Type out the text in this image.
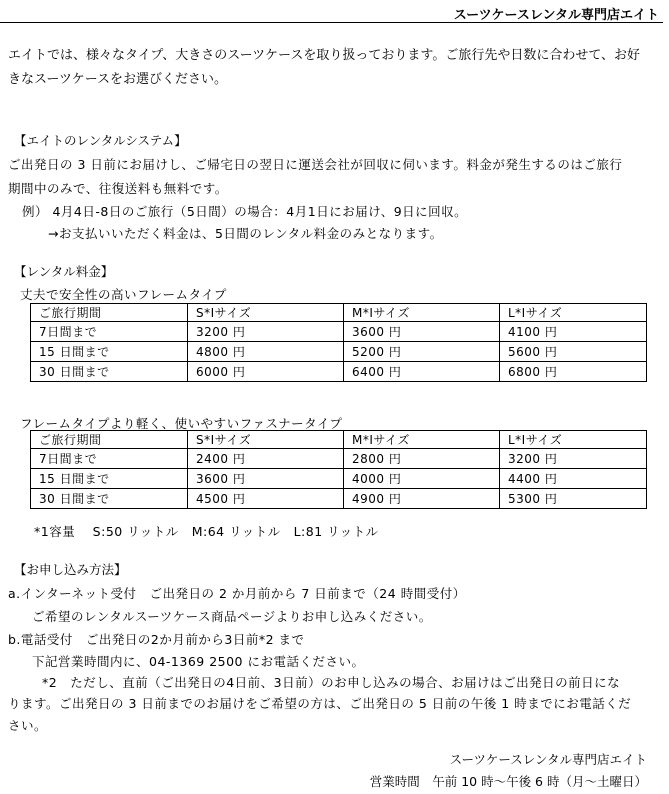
スーツケースレンタル専門店エイト
エイトでは、様々なタイプ、大きさのスーツケースを取り扱っております。ご旅行先や日数に合わせて、お好きなスーツケースをお選びください。
【エイトのレンタルシステム】
ご出発日の 3 日前にお届けし、ご帰宅日の翌日に運送会社が回収に伺います。料金が発生するのはご旅行
期間中のみで、往復送料も無料です。
例） 4月4日-8日のご旅行（5日間）の場合：4月1日にお届け、9日に回収。
→お支払いいただく料金は、5日間のレンタル料金のみとなります。
【レンタル料金】
丈夫で安全性の高いフレームタイプ
ご旅行期間	S*Iサイズ	M*Iサイズ	L*Iサイズ
7日間まで	3200 円	3600 円	4100 円
15 日間まで	4800 円	5200 円	5600 円
30 日間まで	6000 円	6400 円	6800 円
フレームタイプより軽く、使いやすいファスナータイプ
ご旅行期間	S*Iサイズ	M*Iサイズ	L*Iサイズ
7日間まで	2400 円	2800 円	3200 円
15 日間まで	3600 円	4000 円	4400 円
30 日間まで	4500 円	4900 円	5300 円
*1容量　 S:50 リットル　M:64 リットル　L:81 リットル
【お申し込み方法】
a.インターネット受付　ご出発日の 2 か月前から 7 日前まで（24 時間受付）
ご希望のレンタルスーツケース商品ページよりお申し込みください。
b.電話受付　ご出発日の2か月前から3日前*2 まで
下記営業時間内に、04-1369 2500 にお電話ください。
*2　ただし、直前（ご出発日の4日前、3日前）のお申し込みの場合、お届けはご出発日の前日にな
ります。ご出発日の 3 日前までのお届けをご希望の方は、ご出発日の 5 日前の午後 1 時までにお電話くだ
さい。
スーツケースレンタル専門店エイト
営業時間　午前 10 時～午後 6 時（月～土曜日）
